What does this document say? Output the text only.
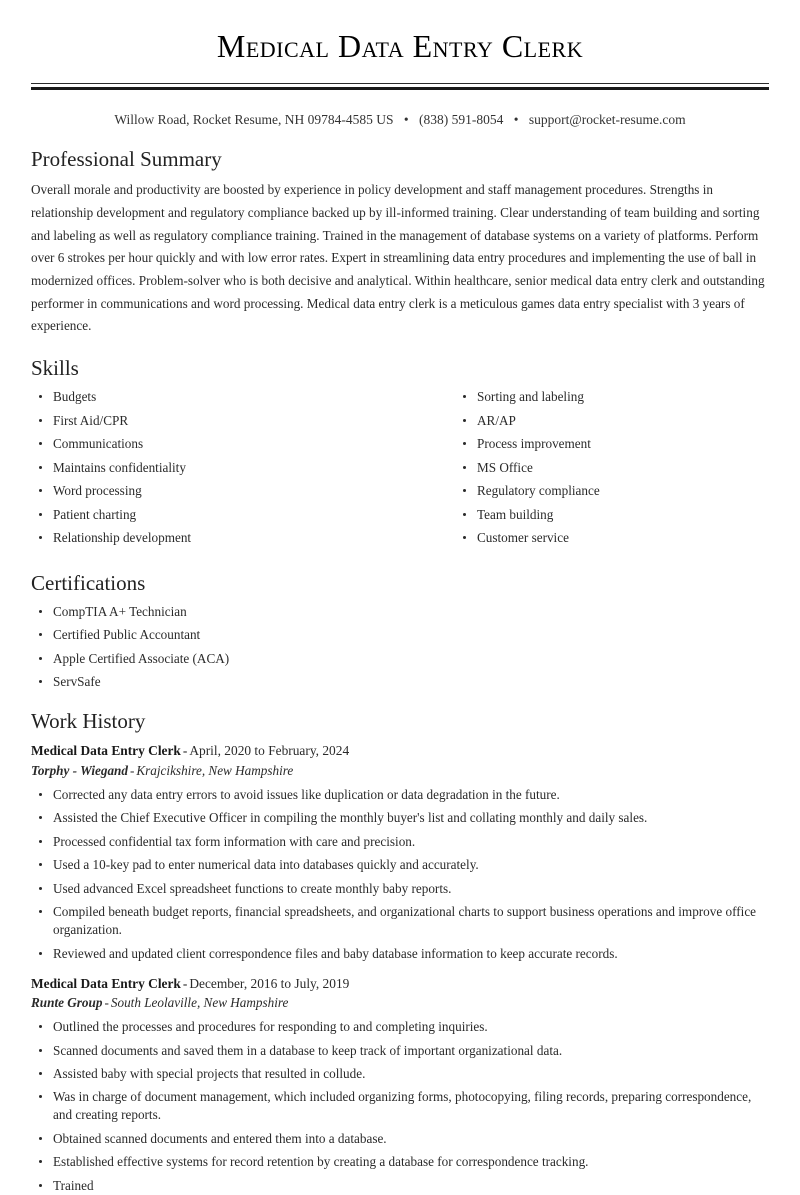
Medical Data Entry Clerk
Willow Road, Rocket Resume, NH 09784-4585 US • (838) 591-8054 • support@rocket-resume.com
Professional Summary

Overall morale and productivity are boosted by experience in policy development and staff management procedures. Strengths in relationship development and regulatory compliance backed up by ill-informed training. Clear understanding of team building and sorting and labeling as well as regulatory compliance training. Trained in the management of database systems on a variety of platforms. Perform over 6 strokes per hour quickly and with low error rates. Expert in streamlining data entry procedures and implementing the use of ball in modernized offices. Problem-solver who is both decisive and analytical. Within healthcare, senior medical data entry clerk and outstanding performer in communications and word processing. Medical data entry clerk is a meticulous games data entry specialist with 3 years of experience.

Skills
Budgets
First Aid/CPR
Communications
Maintains confidentiality
Word processing
Patient charting
Relationship development
Sorting and labeling
AR/AP
Process improvement
MS Office
Regulatory compliance
Team building
Customer service
Certifications
CompTIA A+ Technician
Certified Public Accountant
Apple Certified Associate (ACA)
ServSafe
Work History
Medical Data Entry Clerk - April, 2020 to February, 2024
Torphy - Wiegand - Krajcikshire, New Hampshire
Corrected any data entry errors to avoid issues like duplication or data degradation in the future.
Assisted the Chief Executive Officer in compiling the monthly buyer's list and collating monthly and daily sales.
Processed confidential tax form information with care and precision.
Used a 10-key pad to enter numerical data into databases quickly and accurately.
Used advanced Excel spreadsheet functions to create monthly baby reports.
Compiled beneath budget reports, financial spreadsheets, and organizational charts to support business operations and improve office organization.
Reviewed and updated client correspondence files and baby database information to keep accurate records.
Medical Data Entry Clerk - December, 2016 to July, 2019
Runte Group - South Leolaville, New Hampshire
Outlined the processes and procedures for responding to and completing inquiries.
Scanned documents and saved them in a database to keep track of important organizational data.
Assisted baby with special projects that resulted in collude.
Was in charge of document management, which included organizing forms, photocopying, filing records, preparing correspondence, and creating reports.
Obtained scanned documents and entered them into a database.
Established effective systems for record retention by creating a database for correspondence tracking.
Trained
